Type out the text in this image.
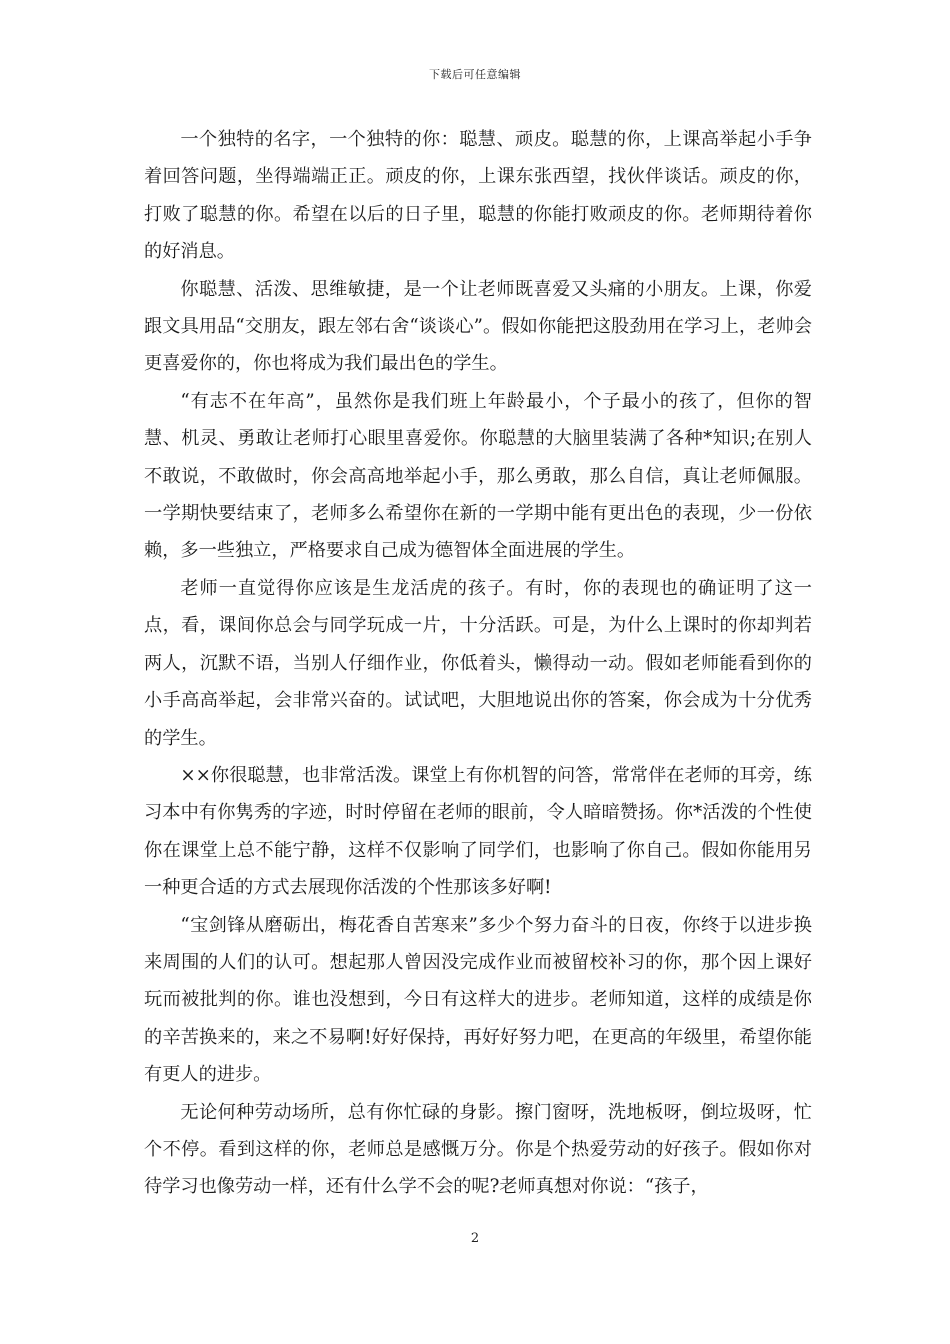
下载后可任意编辑

一个独特的名字，一个独特的你：聪慧、顽皮。聪慧的你，上课高举起小手争着回答问题，坐得端端正正。顽皮的你，上课东张西望，找伙伴谈话。顽皮的你，打败了聪慧的你。希望在以后的日子里，聪慧的你能打败顽皮的你。老师期待着你的好消息。

你聪慧、活泼、思维敏捷，是一个让老师既喜爱又头痛的小朋友。上课，你爱跟文具用品“交朋友，跟左邻右舍“谈谈心”。假如你能把这股劲用在学习上，老帅会更喜爱你的，你也将成为我们最出色的学生。

“有志不在年高”，虽然你是我们班上年龄最小，个子最小的孩了，但你的智慧、机灵、勇敢让老师打心眼里喜爱你。你聪慧的大脑里装满了各种*知识;在别人不敢说，不敢做时，你会高高地举起小手，那么勇敢，那么自信，真让老师佩服。一学期快要结束了，老师多么希望你在新的一学期中能有更出色的表现，少一份依赖，多一些独立，严格要求自己成为德智体全面进展的学生。

老师一直觉得你应该是生龙活虎的孩子。有时，你的表现也的确证明了这一点，看，课间你总会与同学玩成一片，十分活跃。可是，为什么上课时的你却判若两人，沉默不语，当别人仔细作业，你低着头，懒得动一动。假如老师能看到你的小手高高举起，会非常兴奋的。试试吧，大胆地说出你的答案，你会成为十分优秀的学生。

××你很聪慧，也非常活泼。课堂上有你机智的问答，常常伴在老师的耳旁，练习本中有你隽秀的字迹，时时停留在老师的眼前，令人暗暗赞扬。你*活泼的个性使你在课堂上总不能宁静，这样不仅影响了同学们，也影响了你自己。假如你能用另一种更合适的方式去展现你活泼的个性那该多好啊!

“宝剑锋从磨砺出，梅花香自苦寒来”多少个努力奋斗的日夜，你终于以进步换来周围的人们的认可。想起那人曾因没完成作业而被留校补习的你，那个因上课好玩而被批判的你。谁也没想到，今日有这样大的进步。老师知道，这样的成绩是你的辛苦换来的，来之不易啊!好好保持，再好好努力吧，在更高的年级里，希望你能有更人的进步。

无论何种劳动场所，总有你忙碌的身影。擦门窗呀，洗地板呀，倒垃圾呀，忙个不停。看到这样的你，老师总是感慨万分。你是个热爱劳动的好孩子。假如你对待学习也像劳动一样，还有什么学不会的呢?老师真想对你说：“孩子，

2
